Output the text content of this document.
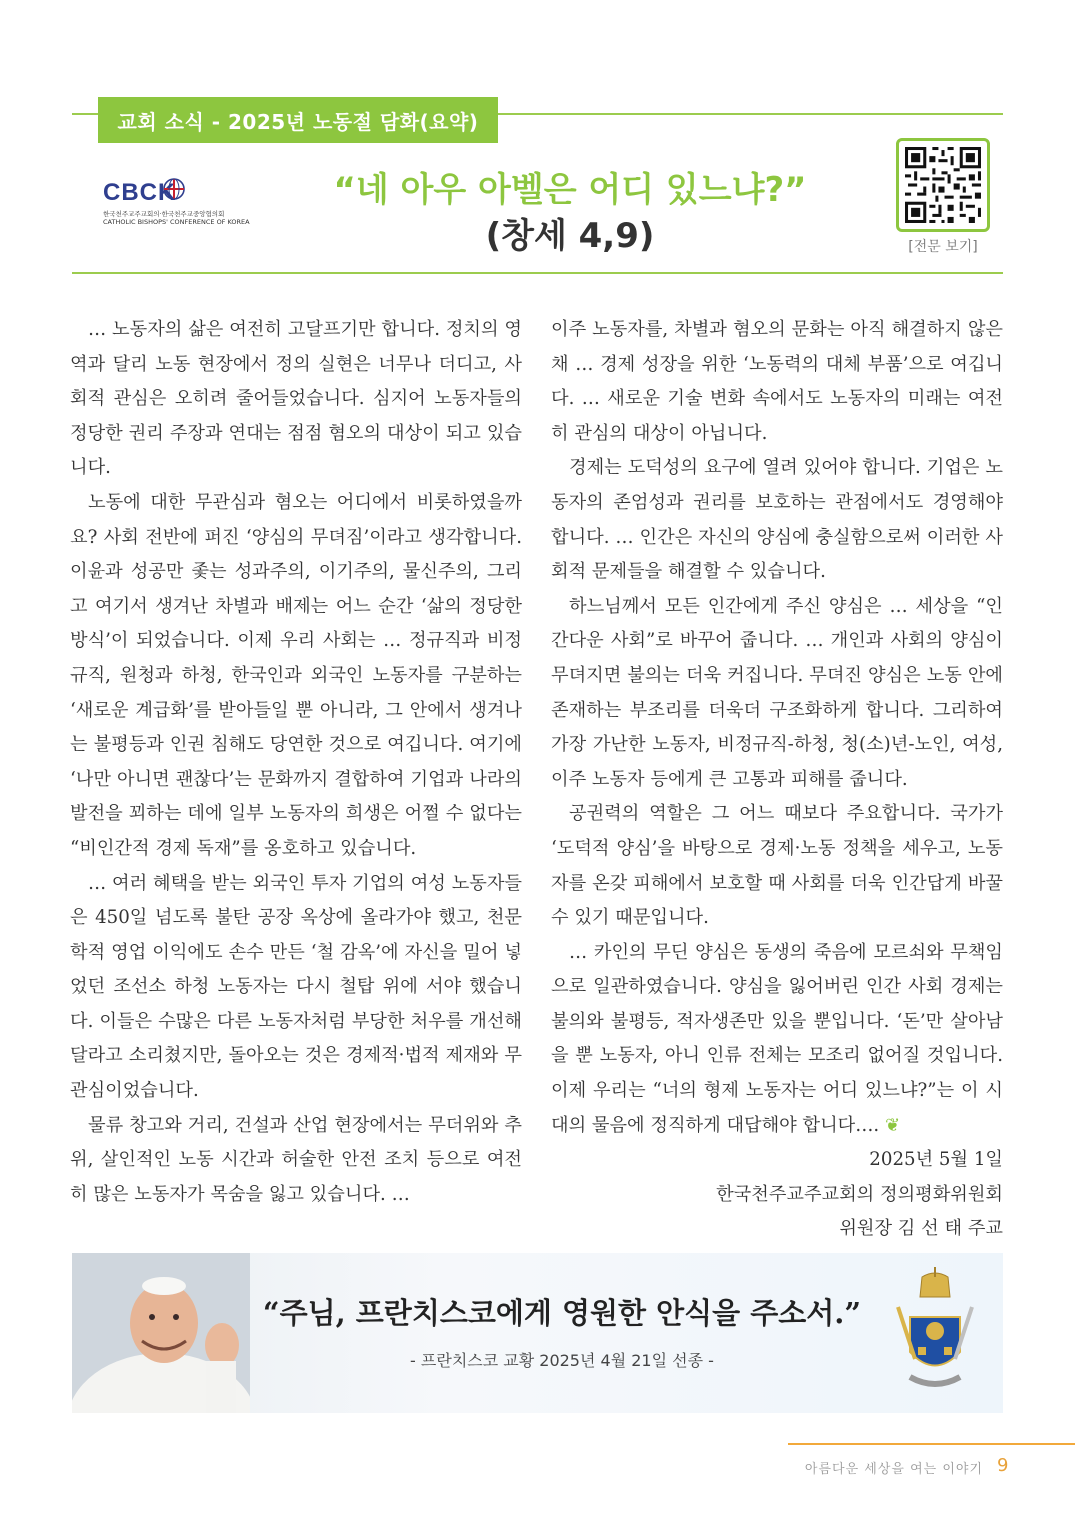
교회 소식 - 2025년 노동절 담화(요약)
CBCK
한국천주교주교회의·한국천주교중앙협의회
CATHOLIC BISHOPS' CONFERENCE OF KOREA
“네 아우 아벨은 어디 있느냐?”
(창세 4,9)	[전문 보기]

… 노동자의 삶은 여전히 고달프기만 합니다. 정치의 영역과 달리 노동 현장에서 정의 실현은 너무나 더디고, 사회적 관심은 오히려 줄어들었습니다. 심지어 노동자들의 정당한 권리 주장과 연대는 점점 혐오의 대상이 되고 있습니다.

노동에 대한 무관심과 혐오는 어디에서 비롯하였을까요? 사회 전반에 퍼진 ‘양심의 무뎌짐’이라고 생각합니다. 이윤과 성공만 좇는 성과주의, 이기주의, 물신주의, 그리고 여기서 생겨난 차별과 배제는 어느 순간 ‘삶의 정당한 방식’이 되었습니다. 이제 우리 사회는 … 정규직과 비정규직, 원청과 하청, 한국인과 외국인 노동자를 구분하는 ‘새로운 계급화’를 받아들일 뿐 아니라, 그 안에서 생겨나는 불평등과 인권 침해도 당연한 것으로 여깁니다. 여기에 ‘나만 아니면 괜찮다’는 문화까지 결합하여 기업과 나라의 발전을 꾀하는 데에 일부 노동자의 희생은 어쩔 수 없다는 “비인간적 경제 독재”를 옹호하고 있습니다.

… 여러 혜택을 받는 외국인 투자 기업의 여성 노동자들은 450일 넘도록 불탄 공장 옥상에 올라가야 했고, 천문학적 영업 이익에도 손수 만든 ‘철 감옥’에 자신을 밀어 넣었던 조선소 하청 노동자는 다시 철탑 위에 서야 했습니다. 이들은 수많은 다른 노동자처럼 부당한 처우를 개선해 달라고 소리쳤지만, 돌아오는 것은 경제적·법적 제재와 무관심이었습니다.

물류 창고와 거리, 건설과 산업 현장에서는 무더위와 추위, 살인적인 노동 시간과 허술한 안전 조치 등으로 여전히 많은 노동자가 목숨을 잃고 있습니다. …

이주 노동자를, 차별과 혐오의 문화는 아직 해결하지 않은 채 … 경제 성장을 위한 ‘노동력의 대체 부품’으로 여깁니다. … 새로운 기술 변화 속에서도 노동자의 미래는 여전히 관심의 대상이 아닙니다.

경제는 도덕성의 요구에 열려 있어야 합니다. 기업은 노동자의 존엄성과 권리를 보호하는 관점에서도 경영해야 합니다. … 인간은 자신의 양심에 충실함으로써 이러한 사회적 문제들을 해결할 수 있습니다.

하느님께서 모든 인간에게 주신 양심은 … 세상을 “인간다운 사회”로 바꾸어 줍니다. … 개인과 사회의 양심이 무뎌지면 불의는 더욱 커집니다. 무뎌진 양심은 노동 안에 존재하는 부조리를 더욱더 구조화하게 합니다. 그리하여 가장 가난한 노동자, 비정규직-하청, 청(소)년-노인, 여성, 이주 노동자 등에게 큰 고통과 피해를 줍니다.

공권력의 역할은 그 어느 때보다 주요합니다. 국가가 ‘도덕적 양심’을 바탕으로 경제·노동 정책을 세우고, 노동자를 온갖 피해에서 보호할 때 사회를 더욱 인간답게 바꿀 수 있기 때문입니다.

… 카인의 무딘 양심은 동생의 죽음에 모르쇠와 무책임으로 일관하였습니다. 양심을 잃어버린 인간 사회 경제는 불의와 불평등, 적자생존만 있을 뿐입니다. ‘돈’만 살아남을 뿐 노동자, 아니 인류 전체는 모조리 없어질 것입니다. 이제 우리는 “너의 형제 노동자는 어디 있느냐?”는 이 시대의 물음에 정직하게 대답해야 합니다…. ❦

2025년 5월 1일

한국천주교주교회의 정의평화위원회

위원장 김 선 태 주교

“주님, 프란치스코에게 영원한 안식을 주소서.”
- 프란치스코 교황 2025년 4월 21일 선종 -
아름다운 세상을 여는 이야기 9
